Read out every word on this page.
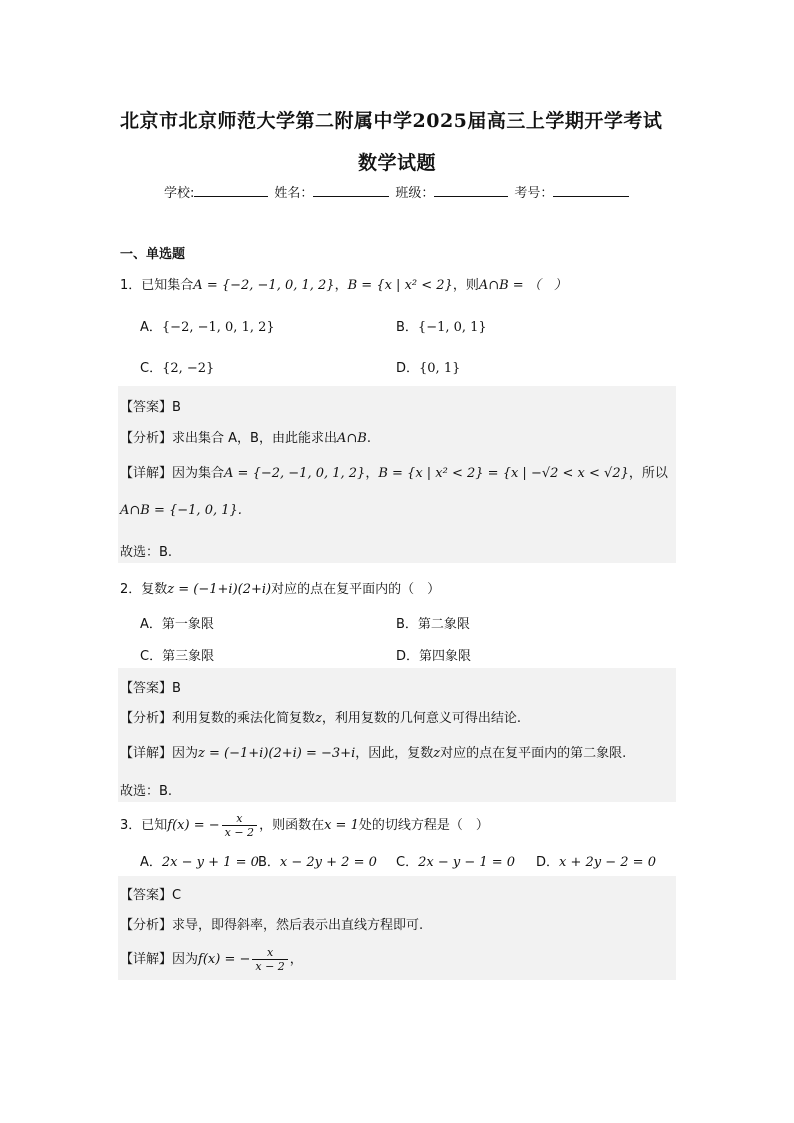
北京市北京师范大学第二附属中学2025届高三上学期开学考试
数学试题
学校:	姓名：	班级：	考号：
一、单选题
1．已知集合A = {−2, −1, 0, 1, 2}，B = {x | x² < 2}，则A∩B = （　）
A．{−2, −1, 0, 1, 2}	B．{−1, 0, 1}
C．{2, −2}	D．{0, 1}
【答案】B
【分析】求出集合 A，B，由此能求出A∩B.
【详解】因为集合A = {−2, −1, 0, 1, 2}，B = {x | x² < 2} = {x | −√2 < x < √2}，所以
A∩B = {−1, 0, 1}.
故选：B.
2．复数z = (−1+i)(2+i)对应的点在复平面内的（　）
A．第一象限	B．第二象限
C．第三象限	D．第四象限
【答案】B
【分析】利用复数的乘法化简复数z，利用复数的几何意义可得出结论.
【详解】因为z = (−1+i)(2+i) = −3+i，因此，复数z对应的点在复平面内的第二象限.
故选：B.
3．已知f(x) = − $\frac{x}{x - 2}$ ，则函数在x = 1处的切线方程是（　）
A．2x − y + 1 = 0 B．x − 2y + 2 = 0 C．2x − y − 1 = 0 D．x + 2y − 2 = 0
【答案】C
【分析】求导，即得斜率，然后表示出直线方程即可.
【详解】因为f(x) = − $\frac{x}{x - 2}$ ，
